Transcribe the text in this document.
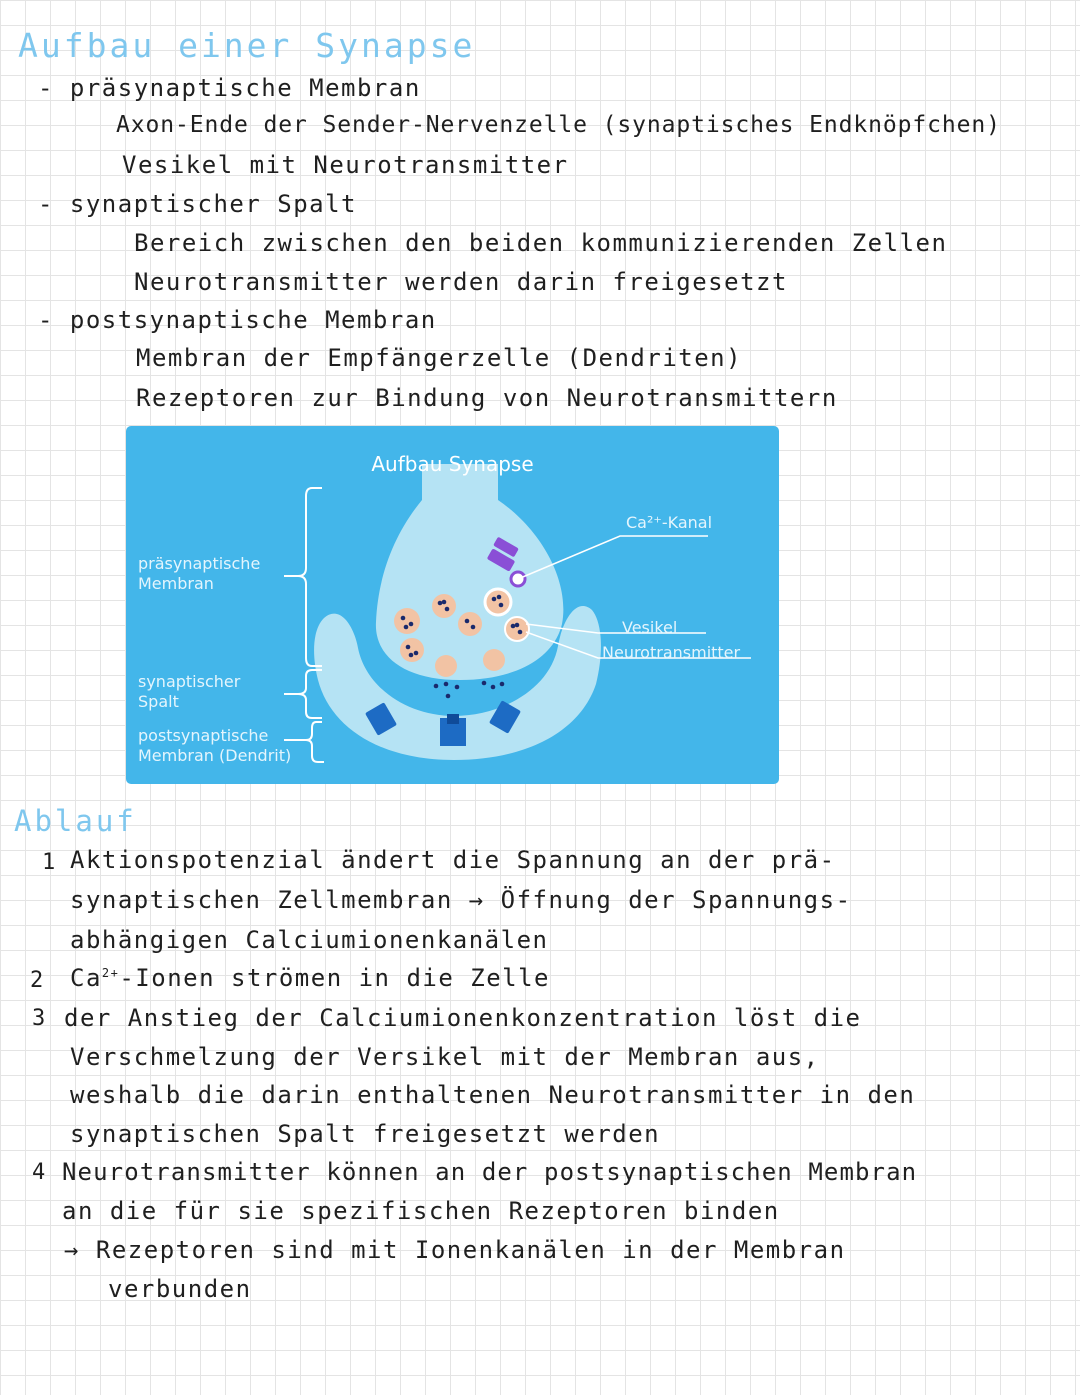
Aufbau einer Synapse
- präsynaptische Membran
Axon-Ende der Sender-Nervenzelle (synaptisches Endknöpfchen)
Vesikel mit Neurotransmitter
- synaptischer Spalt
Bereich zwischen den beiden kommunizierenden Zellen
Neurotransmitter werden darin freigesetzt
- postsynaptische Membran
Membran der Empfängerzelle (Dendriten)
Rezeptoren zur Bindung von Neurotransmittern
Aufbau Synapse
präsynaptische
Membran
synaptischer
Spalt
postsynaptische
Membran (Dendrit)
Ca²⁺-Kanal
Vesikel
Neurotransmitter
Ablauf
1 Aktionspotenzial ändert die Spannung an der prä-
synaptischen Zellmembran → Öffnung der Spannungs-
abhängigen Calciumionenkanälen
2 $Ca^{2+}$-Ionen strömen in die Zelle
3 der Anstieg der Calciumionenkonzentration löst die
Verschmelzung der Versikel mit der Membran aus,
weshalb die darin enthaltenen Neurotransmitter in den
synaptischen Spalt freigesetzt werden
4 Neurotransmitter können an der postsynaptischen Membran
an die für sie spezifischen Rezeptoren binden
→ Rezeptoren sind mit Ionenkanälen in der Membran
verbunden
